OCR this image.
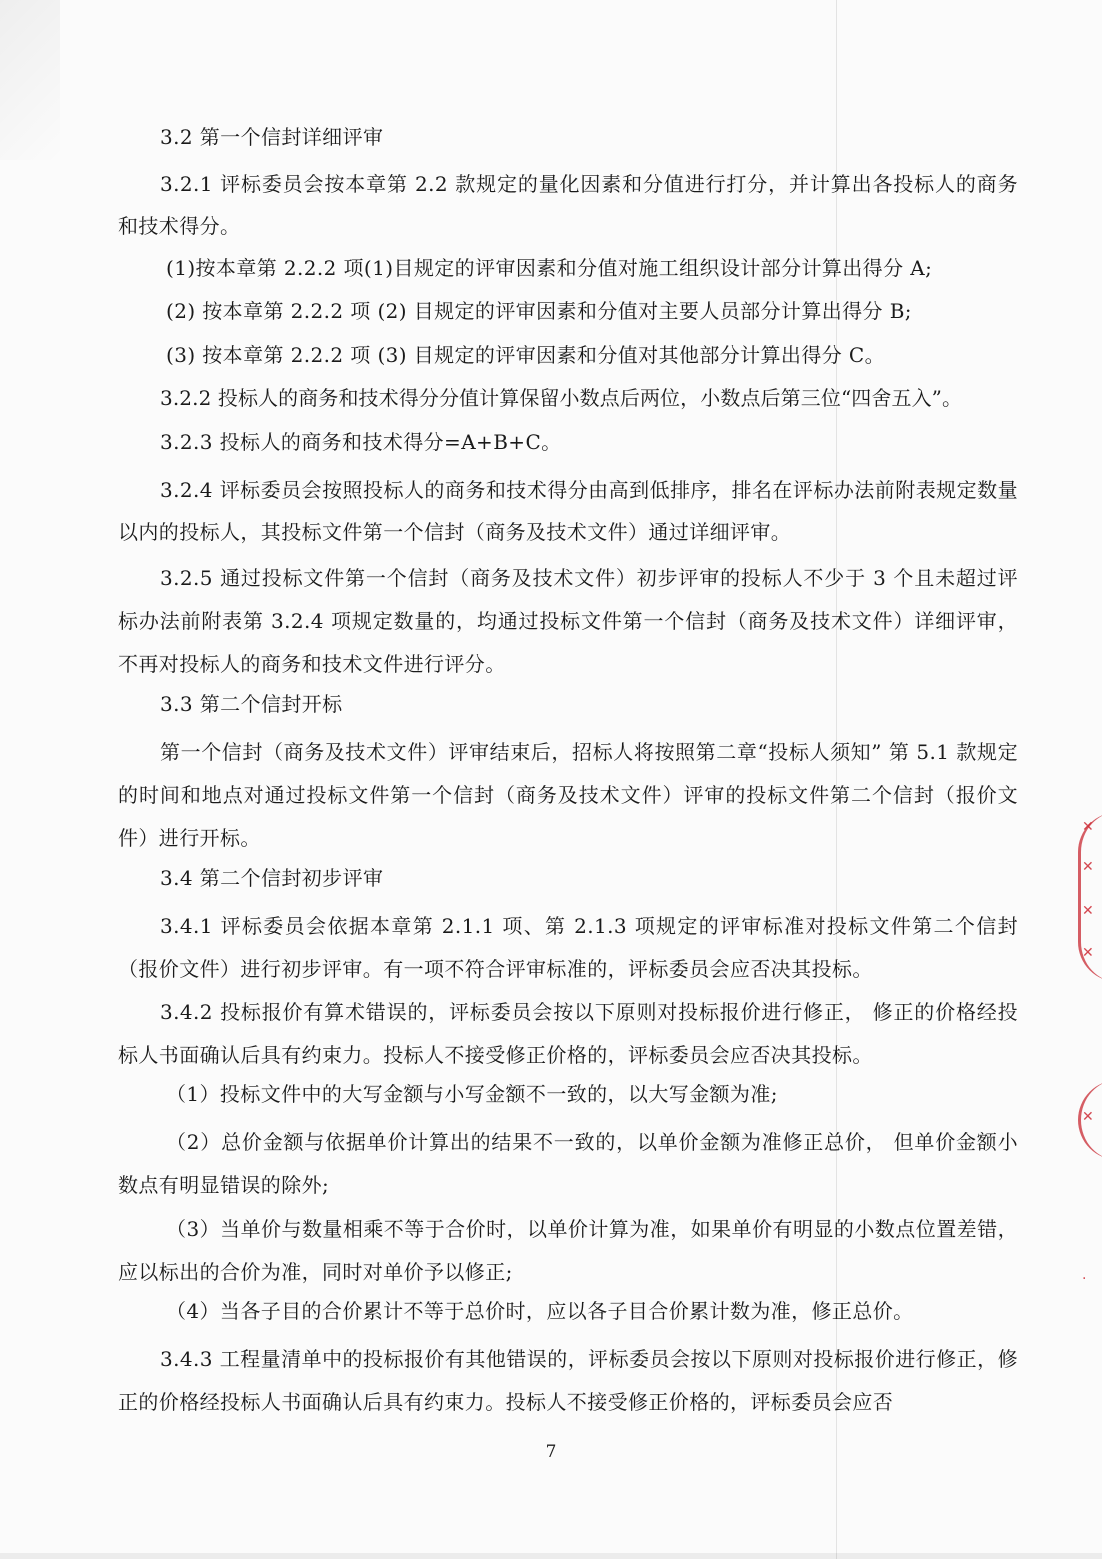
3.2 第一个信封详细评审

3.2.1 评标委员会按本章第 2.2 款规定的量化因素和分值进行打分，并计算出各投标人的商务和技术得分。

(1)按本章第 2.2.2 项(1)目规定的评审因素和分值对施工组织设计部分计算出得分 A;

(2) 按本章第 2.2.2 项 (2) 目规定的评审因素和分值对主要人员部分计算出得分 B;

(3) 按本章第 2.2.2 项 (3) 目规定的评审因素和分值对其他部分计算出得分 C。

3.2.2 投标人的商务和技术得分分值计算保留小数点后两位，小数点后第三位“四舍五入”。

3.2.3 投标人的商务和技术得分=A+B+C。

3.2.4 评标委员会按照投标人的商务和技术得分由高到低排序，排名在评标办法前附表规定数量以内的投标人，其投标文件第一个信封（商务及技术文件）通过详细评审。

3.2.5 通过投标文件第一个信封（商务及技术文件）初步评审的投标人不少于 3 个且未超过评标办法前附表第 3.2.4 项规定数量的，均通过投标文件第一个信封（商务及技术文件）详细评审，不再对投标人的商务和技术文件进行评分。

3.3 第二个信封开标

第一个信封（商务及技术文件）评审结束后，招标人将按照第二章“投标人须知” 第 5.1 款规定的时间和地点对通过投标文件第一个信封（商务及技术文件）评审的投标文件第二个信封（报价文件）进行开标。

3.4 第二个信封初步评审

3.4.1 评标委员会依据本章第 2.1.1 项、第 2.1.3 项规定的评审标准对投标文件第二个信封（报价文件）进行初步评审。有一项不符合评审标准的，评标委员会应否决其投标。

3.4.2 投标报价有算术错误的，评标委员会按以下原则对投标报价进行修正， 修正的价格经投标人书面确认后具有约束力。投标人不接受修正价格的，评标委员会应否决其投标。

（1）投标文件中的大写金额与小写金额不一致的，以大写金额为准;

（2）总价金额与依据单价计算出的结果不一致的，以单价金额为准修正总价， 但单价金额小数点有明显错误的除外;

（3）当单价与数量相乘不等于合价时，以单价计算为准，如果单价有明显的小数点位置差错，应以标出的合价为准，同时对单价予以修正;

（4）当各子目的合价累计不等于总价时，应以各子目合价累计数为准，修正总价。

3.4.3 工程量清单中的投标报价有其他错误的，评标委员会按以下原则对投标报价进行修正，修正的价格经投标人书面确认后具有约束力。投标人不接受修正价格的，评标委员会应否

7
✕
✕
✕
✕
✕
·
